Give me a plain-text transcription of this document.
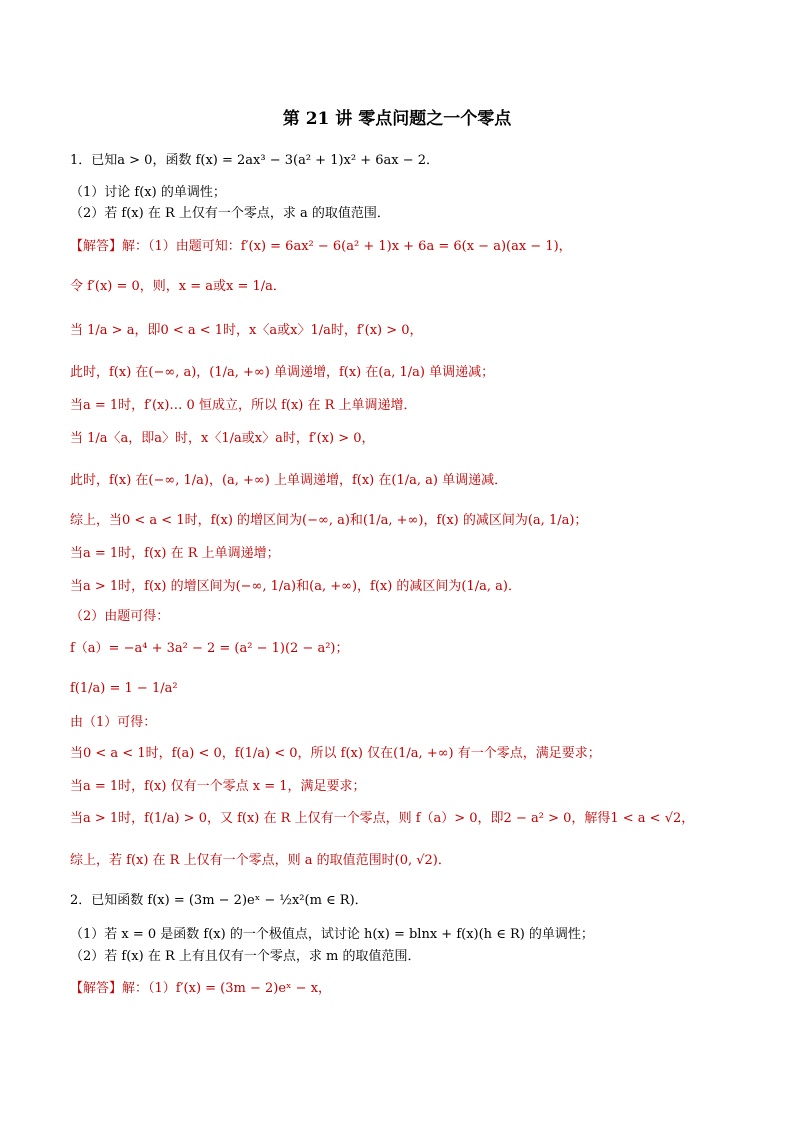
第 21 讲 零点问题之一个零点
1．已知a > 0，函数 f(x) = 2ax³ − 3(a² + 1)x² + 6ax − 2．
（1）讨论 f(x) 的单调性；
（2）若 f(x) 在 R 上仅有一个零点，求 a 的取值范围．
【解答】解：（1）由题可知：f′(x) = 6ax² − 6(a² + 1)x + 6a = 6(x − a)(ax − 1)，
令 f′(x) = 0，则，x = a或x = 1/a．
当 1/a > a，即0 < a < 1时，x〈a或x〉1/a时，f′(x) > 0，
此时，f(x) 在(−∞, a)，(1/a, +∞) 单调递增，f(x) 在(a, 1/a) 单调递减；
当a = 1时，f′(x)… 0 恒成立，所以 f(x) 在 R 上单调递增．
当 1/a〈a，即a〉时，x〈1/a或x〉a时，f′(x) > 0，
此时，f(x) 在(−∞, 1/a)，(a, +∞) 上单调递增，f(x) 在(1/a, a) 单调递减．
综上，当0 < a < 1时，f(x) 的增区间为(−∞, a)和(1/a, +∞)，f(x) 的减区间为(a, 1/a)；
当a = 1时，f(x) 在 R 上单调递增；
当a > 1时，f(x) 的增区间为(−∞, 1/a)和(a, +∞)，f(x) 的减区间为(1/a, a)．
（2）由题可得：
f（a）= −a⁴ + 3a² − 2 = (a² − 1)(2 − a²)；
f(1/a) = 1 − 1/a²
由（1）可得：
当0 < a < 1时，f(a) < 0，f(1/a) < 0，所以 f(x) 仅在(1/a, +∞) 有一个零点，满足要求；
当a = 1时，f(x) 仅有一个零点 x = 1，满足要求；
当a > 1时，f(1/a) > 0，又 f(x) 在 R 上仅有一个零点，则 f（a）> 0，即2 − a² > 0，解得1 < a < √2，
综上，若 f(x) 在 R 上仅有一个零点，则 a 的取值范围时(0, √2)．
2．已知函数 f(x) = (3m − 2)eˣ − ½x²(m ∈ R)．
（1）若 x = 0 是函数 f(x) 的一个极值点，试讨论 h(x) = blnx + f(x)(h ∈ R) 的单调性；
（2）若 f(x) 在 R 上有且仅有一个零点，求 m 的取值范围．
【解答】解：（1）f′(x) = (3m − 2)eˣ − x，
